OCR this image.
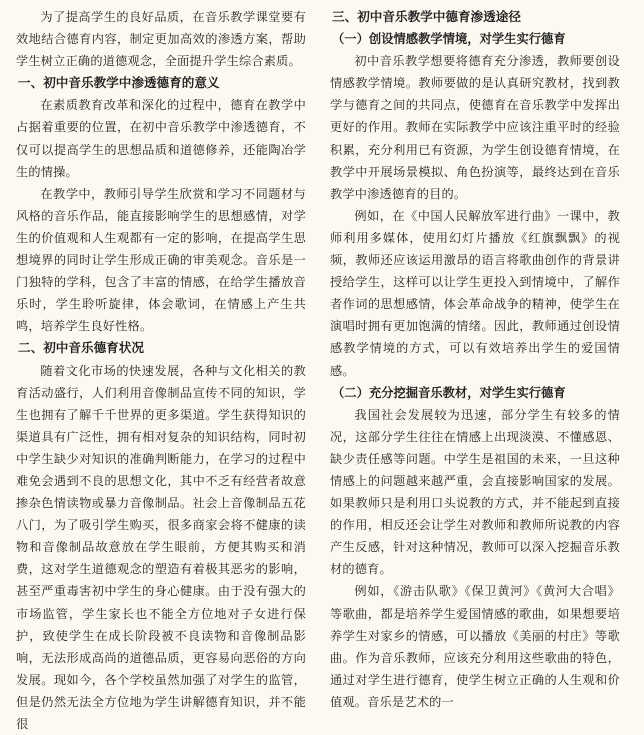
为了提高学生的良好品质，在音乐教学课堂要有效地结合德育内容，制定更加高效的渗透方案，帮助学生树立正确的道德观念，全面提升学生综合素质。

一、初中音乐教学中渗透德育的意义

在素质教育改革和深化的过程中，德育在教学中占据着重要的位置，在初中音乐教学中渗透德育，不仅可以提高学生的思想品质和道德修养，还能陶冶学生的情操。

在教学中，教师引导学生欣赏和学习不同题材与风格的音乐作品，能直接影响学生的思想感情，对学生的价值观和人生观都有一定的影响，在提高学生思想境界的同时让学生形成正确的审美观念。音乐是一门独特的学科，包含了丰富的情感，在给学生播放音乐时，学生聆听旋律，体会歌词，在情感上产生共鸣，培养学生良好性格。

二、初中音乐德育状况

随着文化市场的快速发展，各种与文化相关的教育活动盛行，人们利用音像制品宣传不同的知识，学生也拥有了解千千世界的更多渠道。学生获得知识的渠道具有广泛性，拥有相对复杂的知识结构，同时初中学生缺少对知识的准确判断能力，在学习的过程中难免会遇到不良的思想文化，其中不乏有经营者故意掺杂色情读物或暴力音像制品。社会上音像制品五花八门，为了吸引学生购买，很多商家会将不健康的读物和音像制品故意放在学生眼前，方便其购买和消费，这对学生道德观念的塑造有着极其恶劣的影响，甚至严重毒害初中学生的身心健康。由于没有强大的市场监管，学生家长也不能全方位地对子女进行保护，致使学生在成长阶段被不良读物和音像制品影响，无法形成高尚的道德品质，更容易向恶俗的方向发展。现如今，各个学校虽然加强了对学生的监管，但是仍然无法全方位地为学生讲解德育知识，并不能很

三、初中音乐教学中德育渗透途径
（一）创设情感教学情境，对学生实行德育

初中音乐教学想要将德育充分渗透，教师要创设情感教学情境。教师要做的是认真研究教材，找到教学与德育之间的共同点，使德育在音乐教学中发挥出更好的作用。教师在实际教学中应该注重平时的经验积累，充分利用已有资源，为学生创设德育情境，在教学中开展场景模拟、角色扮演等，最终达到在音乐教学中渗透德育的目的。

例如，在《中国人民解放军进行曲》一课中，教师利用多媒体，使用幻灯片播放《红旗飘飘》的视频，教师还应该运用激昂的语言将歌曲创作的背景讲授给学生，这样可以让学生更投入到情境中，了解作者作词的思想感情，体会革命战争的精神，使学生在演唱时拥有更加饱满的情绪。因此，教师通过创设情感教学情境的方式，可以有效培养出学生的爱国情感。

（二）充分挖掘音乐教材，对学生实行德育

我国社会发展较为迅速，部分学生有较多的情况，这部分学生往往在情感上出现淡漠、不懂感恩、缺少责任感等问题。中学生是祖国的未来，一旦这种情感上的问题越来越严重，会直接影响国家的发展。如果教师只是利用口头说教的方式，并不能起到直接的作用，相反还会让学生对教师和教师所说教的内容产生反感，针对这种情况，教师可以深入挖掘音乐教材的德育。

例如，《游击队歌》《保卫黄河》《黄河大合唱》等歌曲，都是培养学生爱国情感的歌曲，如果想要培养学生对家乡的情感，可以播放《美丽的村庄》等歌曲。作为音乐教师，应该充分利用这些歌曲的特色，通过对学生进行德育，使学生树立正确的人生观和价值观。音乐是艺术的一
